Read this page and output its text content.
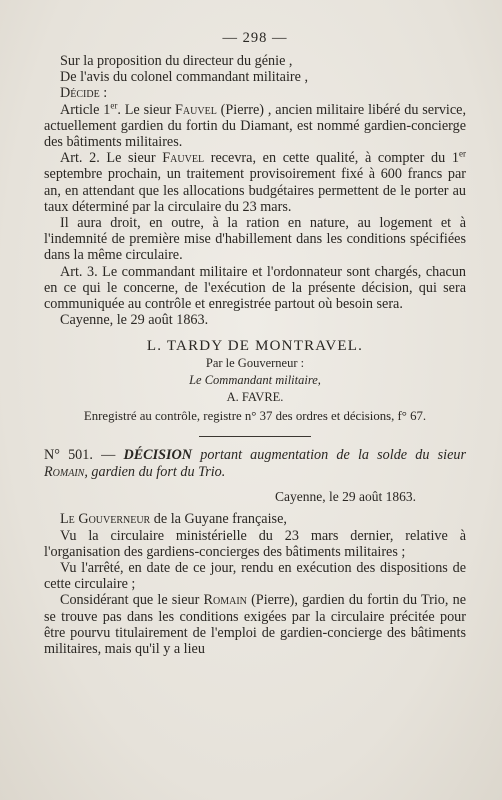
— 298 —

Sur la proposition du directeur du génie ,

De l'avis du colonel commandant militaire ,

Décide :

Article 1er. Le sieur Fauvel (Pierre) , ancien militaire libéré du service, actuellement gardien du fortin du Diamant, est nommé gardien-concierge des bâtiments militaires.

Art. 2. Le sieur Fauvel recevra, en cette qualité, à compter du 1er septembre prochain, un traitement provisoirement fixé à 600 francs par an, en attendant que les allocations budgétaires permettent de le porter au taux déterminé par la circulaire du 23 mars.

Il aura droit, en outre, à la ration en nature, au logement et à l'indemnité de première mise d'habillement dans les conditions spécifiées dans la même circulaire.

Art. 3. Le commandant militaire et l'ordonnateur sont chargés, chacun en ce qui le concerne, de l'exécution de la présente décision, qui sera communiquée au contrôle et enregistrée partout où besoin sera.

Cayenne, le 29 août 1863.

L. TARDY DE MONTRAVEL.
Par le Gouverneur :
Le Commandant militaire,
A. FAVRE.
Enregistré au contrôle, registre n° 37 des ordres et décisions, f° 67.

N° 501. — DÉCISION portant augmentation de la solde du sieur Romain, gardien du fort du Trio.

Cayenne, le 29 août 1863.

Le Gouverneur de la Guyane française,

Vu la circulaire ministérielle du 23 mars dernier, relative à l'organisation des gardiens-concierges des bâtiments militaires ;

Vu l'arrêté, en date de ce jour, rendu en exécution des dispositions de cette circulaire ;

Considérant que le sieur Romain (Pierre), gardien du fortin du Trio, ne se trouve pas dans les conditions exigées par la circulaire précitée pour être pourvu titulairement de l'emploi de gardien-concierge des bâtiments militaires, mais qu'il y a lieu
